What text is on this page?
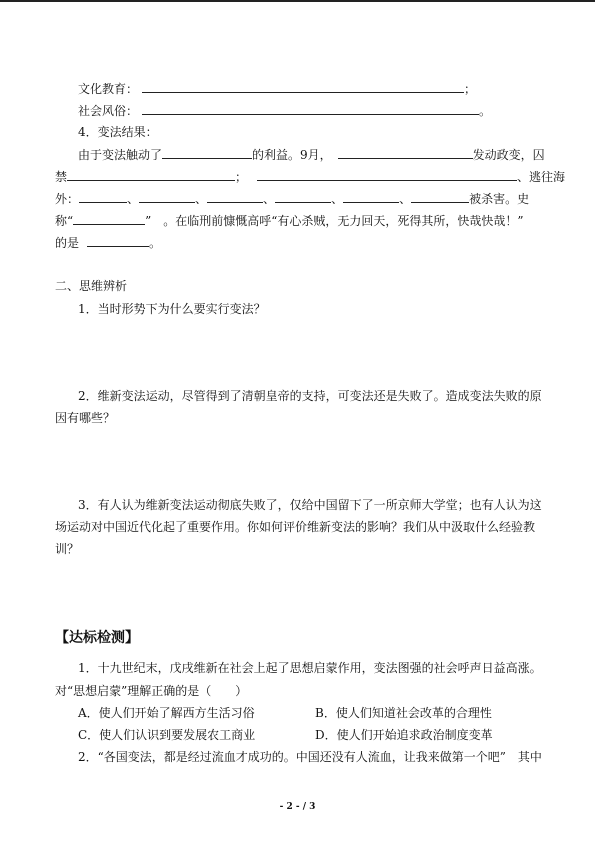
文化教育：	；
社会风俗：	。
4．变法结果：
由于变法触动了	的利益。9月，	发动政变，囚
禁	；	、逃往海
外：	、	、	、	、	、	被杀害。史
称“	”　。在临刑前慷慨高呼“有心杀贼，无力回天，死得其所，快哉快哉！”
的是	。
二、思维辨析
1．当时形势下为什么要实行变法？
2．维新变法运动，尽管得到了清朝皇帝的支持，可变法还是失败了。造成变法失败的原
因有哪些？
3．有人认为维新变法运动彻底失败了，仅给中国留下了一所京师大学堂；也有人认为这
场运动对中国近代化起了重要作用。你如何评价维新变法的影响？我们从中汲取什么经验教
训？
【达标检测】
1．十九世纪末，戊戌维新在社会上起了思想启蒙作用，变法图强的社会呼声日益高涨。
对“思想启蒙”理解正确的是（　　）
A．使人们开始了解西方生活习俗	B．使人们知道社会改革的合理性
C．使人们认识到要发展农工商业	D．使人们开始追求政治制度变革
2．“各国变法，都是经过流血才成功的。中国还没有人流血，让我来做第一个吧”　其中
- 2 - / 3
